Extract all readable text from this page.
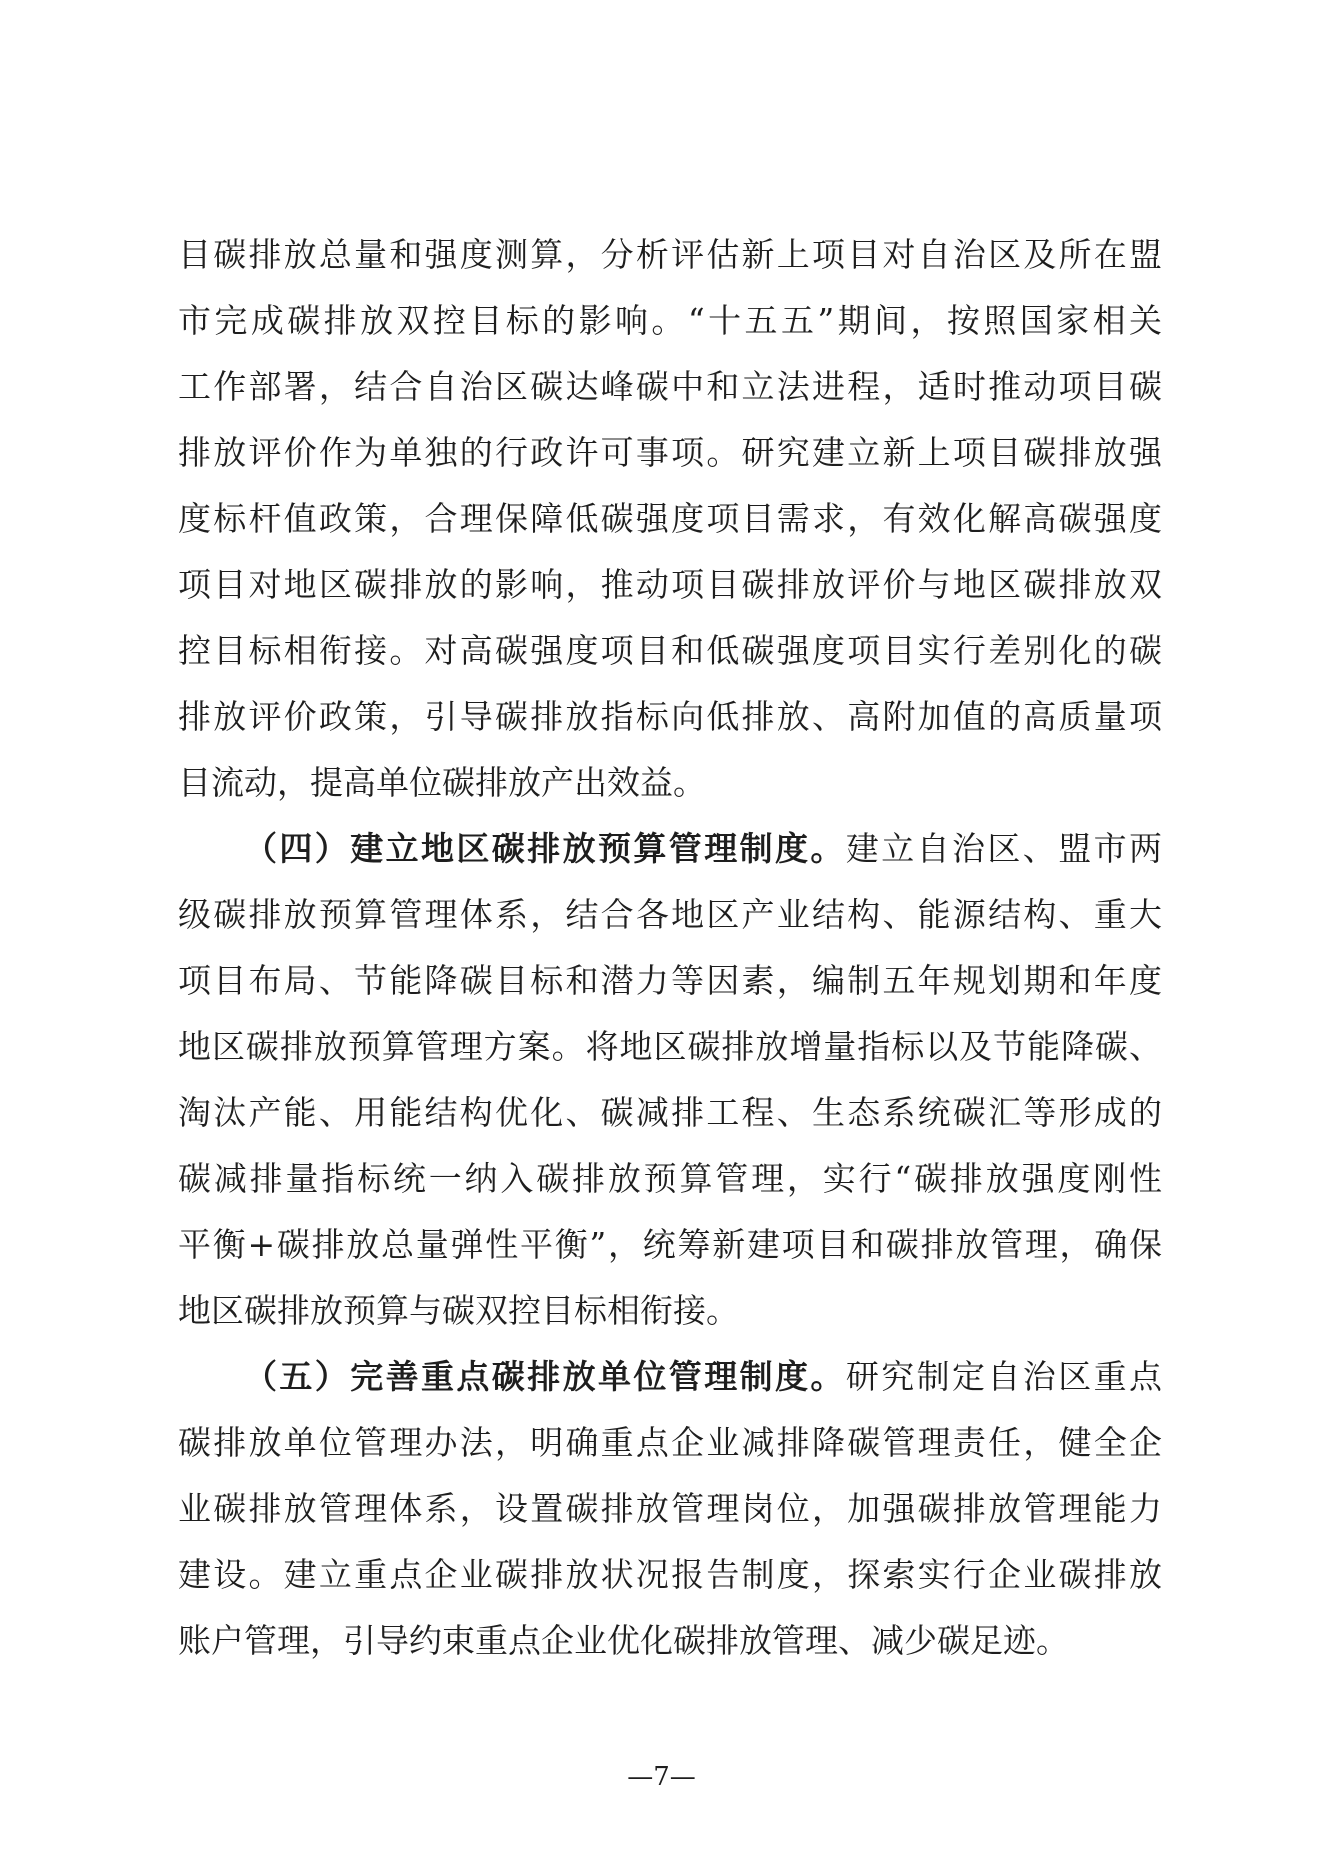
目碳排放总量和强度测算，分析评估新上项目对自治区及所在盟
市完成碳排放双控目标的影响。“十五五”期间，按照国家相关
工作部署，结合自治区碳达峰碳中和立法进程，适时推动项目碳
排放评价作为单独的行政许可事项。研究建立新上项目碳排放强
度标杆值政策，合理保障低碳强度项目需求，有效化解高碳强度
项目对地区碳排放的影响，推动项目碳排放评价与地区碳排放双
控目标相衔接。对高碳强度项目和低碳强度项目实行差别化的碳
排放评价政策，引导碳排放指标向低排放、高附加值的高质量项
目流动，提高单位碳排放产出效益。
（四）建立地区碳排放预算管理制度。建立自治区、盟市两
级碳排放预算管理体系，结合各地区产业结构、能源结构、重大
项目布局、节能降碳目标和潜力等因素，编制五年规划期和年度
地区碳排放预算管理方案。将地区碳排放增量指标以及节能降碳、
淘汰产能、用能结构优化、碳减排工程、生态系统碳汇等形成的
碳减排量指标统一纳入碳排放预算管理，实行“碳排放强度刚性
平衡+碳排放总量弹性平衡”，统筹新建项目和碳排放管理，确保
地区碳排放预算与碳双控目标相衔接。
（五）完善重点碳排放单位管理制度。研究制定自治区重点
碳排放单位管理办法，明确重点企业减排降碳管理责任，健全企
业碳排放管理体系，设置碳排放管理岗位，加强碳排放管理能力
建设。建立重点企业碳排放状况报告制度，探索实行企业碳排放
账户管理，引导约束重点企业优化碳排放管理、减少碳足迹。
—7—
